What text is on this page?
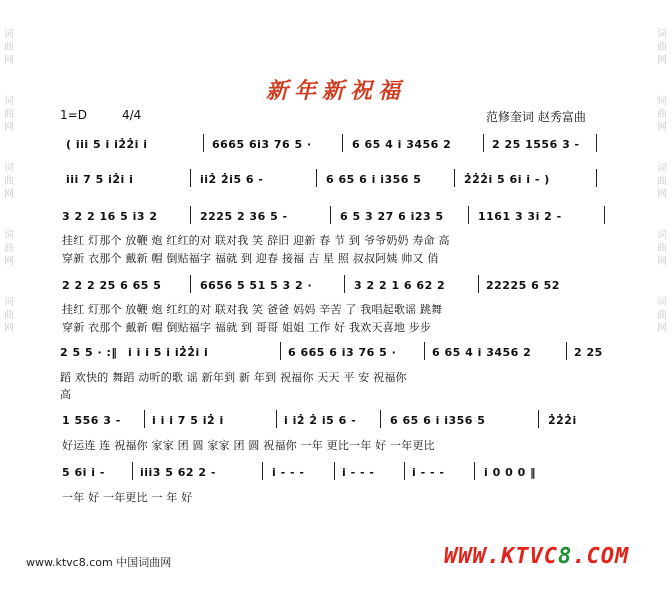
词
曲
网
词
曲
网
词
曲
网
词
曲
网
词
曲
网
词
曲
网
词
曲
网
词
曲
网
词
曲
网
词
曲
网
新年新祝福
1=D	4/4	范修奎词 赵秀富曲
( i̇i̇i̇ 5 i̇ i̇2̇2̇i̇ i̇	6665 6i̇3 76 5 ·	6 65 4 i̇ 3456 2	2 25 1556 3 -
i̇i̇i̇ 7 5 i̇2̇i̇ i̇	i̇i̇2̇ 2̇i̇5 6 -	6 65 6 i̇ i̇356 5	2̇2̇2̇i̇ 5 6i̇ i̇ - )
3 2 2 16 5 i̇3 2	2225 2 36 5 -	6 5 3 27 6 i̇23 5	1161 3 3i̇ 2 -
挂红 灯那个 放鞭 炮 红红的对 联对我 笑 辞旧 迎新 春 节 到 爷爷奶奶 寿命 高
穿新 衣那个 戴新 帽 倒贴福字 福就 到 迎春 接福 吉 星 照 叔叔阿姨 帅又 俏
2 2 2 25 6 65 5	6656 5 51 5 3 2 ·	3 2 2 1 6 62 2	22225 6 52
挂红 灯那个 放鞭 炮 红红的对 联对我 笑 爸爸 妈妈 辛苦 了 我唱起歌谣 跳舞
穿新 衣那个 戴新 帽 倒贴福字 福就 到 哥哥 姐姐 工作 好 我欢天喜地 步步
2 5 5 · :‖ i̇ i̇ i̇ 5 i̇ i̇2̇2̇i̇ i̇	6 665 6 i̇3 76 5 ·	6 65 4 i̇ 3456 2	2 25
蹈 欢快的 舞蹈 动听的歌 谣 新年到 新 年到 祝福你 天天 平 安 祝福你
高
1 556 3 -	i̇ i̇ i̇ 7 5 i̇2̇ i̇	i̇ i̇2̇ 2̇ i̇5 6 -	6 65 6 i̇ i̇356 5	2̇2̇2̇i̇
好运连 连 祝福你 家家 团 圆 家家 团 圆 祝福你 一年 更比一年 好 一年更比
5 6i̇ i̇ -	i̇i̇i̇3 5 62 2 -	i̇ - - -	i̇ - - -	i̇ - - -	i̇ 0 0 0 ‖
一年 好 一年更比 一 年 好
www.ktvc8.com 中国词曲网	WWW.KTVC8.COM
